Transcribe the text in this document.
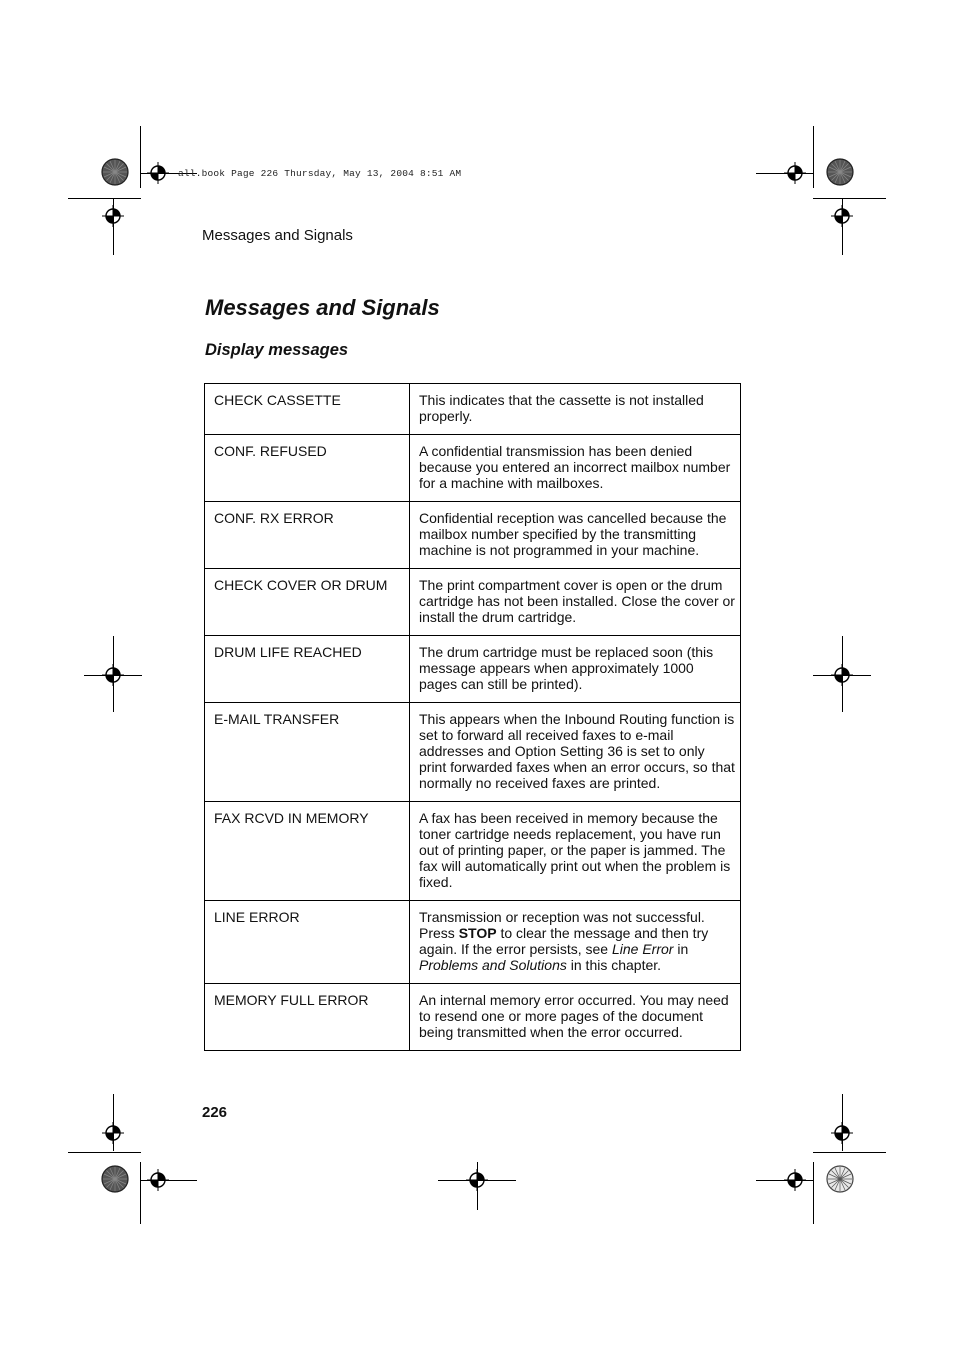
all.book Page 226 Thursday, May 13, 2004 8:51 AM
Messages and Signals
Messages and Signals
Display messages
CHECK CASSETTE	This indicates that the cassette is not installed properly.
CONF. REFUSED	A confidential transmission has been denied because you entered an incorrect mailbox number for a machine with mailboxes.
CONF. RX ERROR	Confidential reception was cancelled because the mailbox number specified by the transmitting machine is not programmed in your machine.
CHECK COVER OR DRUM	The print compartment cover is open or the drum cartridge has not been installed. Close the cover or install the drum cartridge.
DRUM LIFE REACHED	The drum cartridge must be replaced soon (this message appears when approximately 1000 pages can still be printed).
E-MAIL TRANSFER	This appears when the Inbound Routing function is set to forward all received faxes to e-mail addresses and Option Setting 36 is set to only print forwarded faxes when an error occurs, so that normally no received faxes are printed.
FAX RCVD IN MEMORY	A fax has been received in memory because the toner cartridge needs replacement, you have run out of printing paper, or the paper is jammed. The fax will automatically print out when the problem is fixed.
LINE ERROR	Transmission or reception was not successful. Press STOP to clear the message and then try again. If the error persists, see Line Error in Problems and Solutions in this chapter.
MEMORY FULL ERROR	An internal memory error occurred. You may need to resend one or more pages of the document being transmitted when the error occurred.
226
